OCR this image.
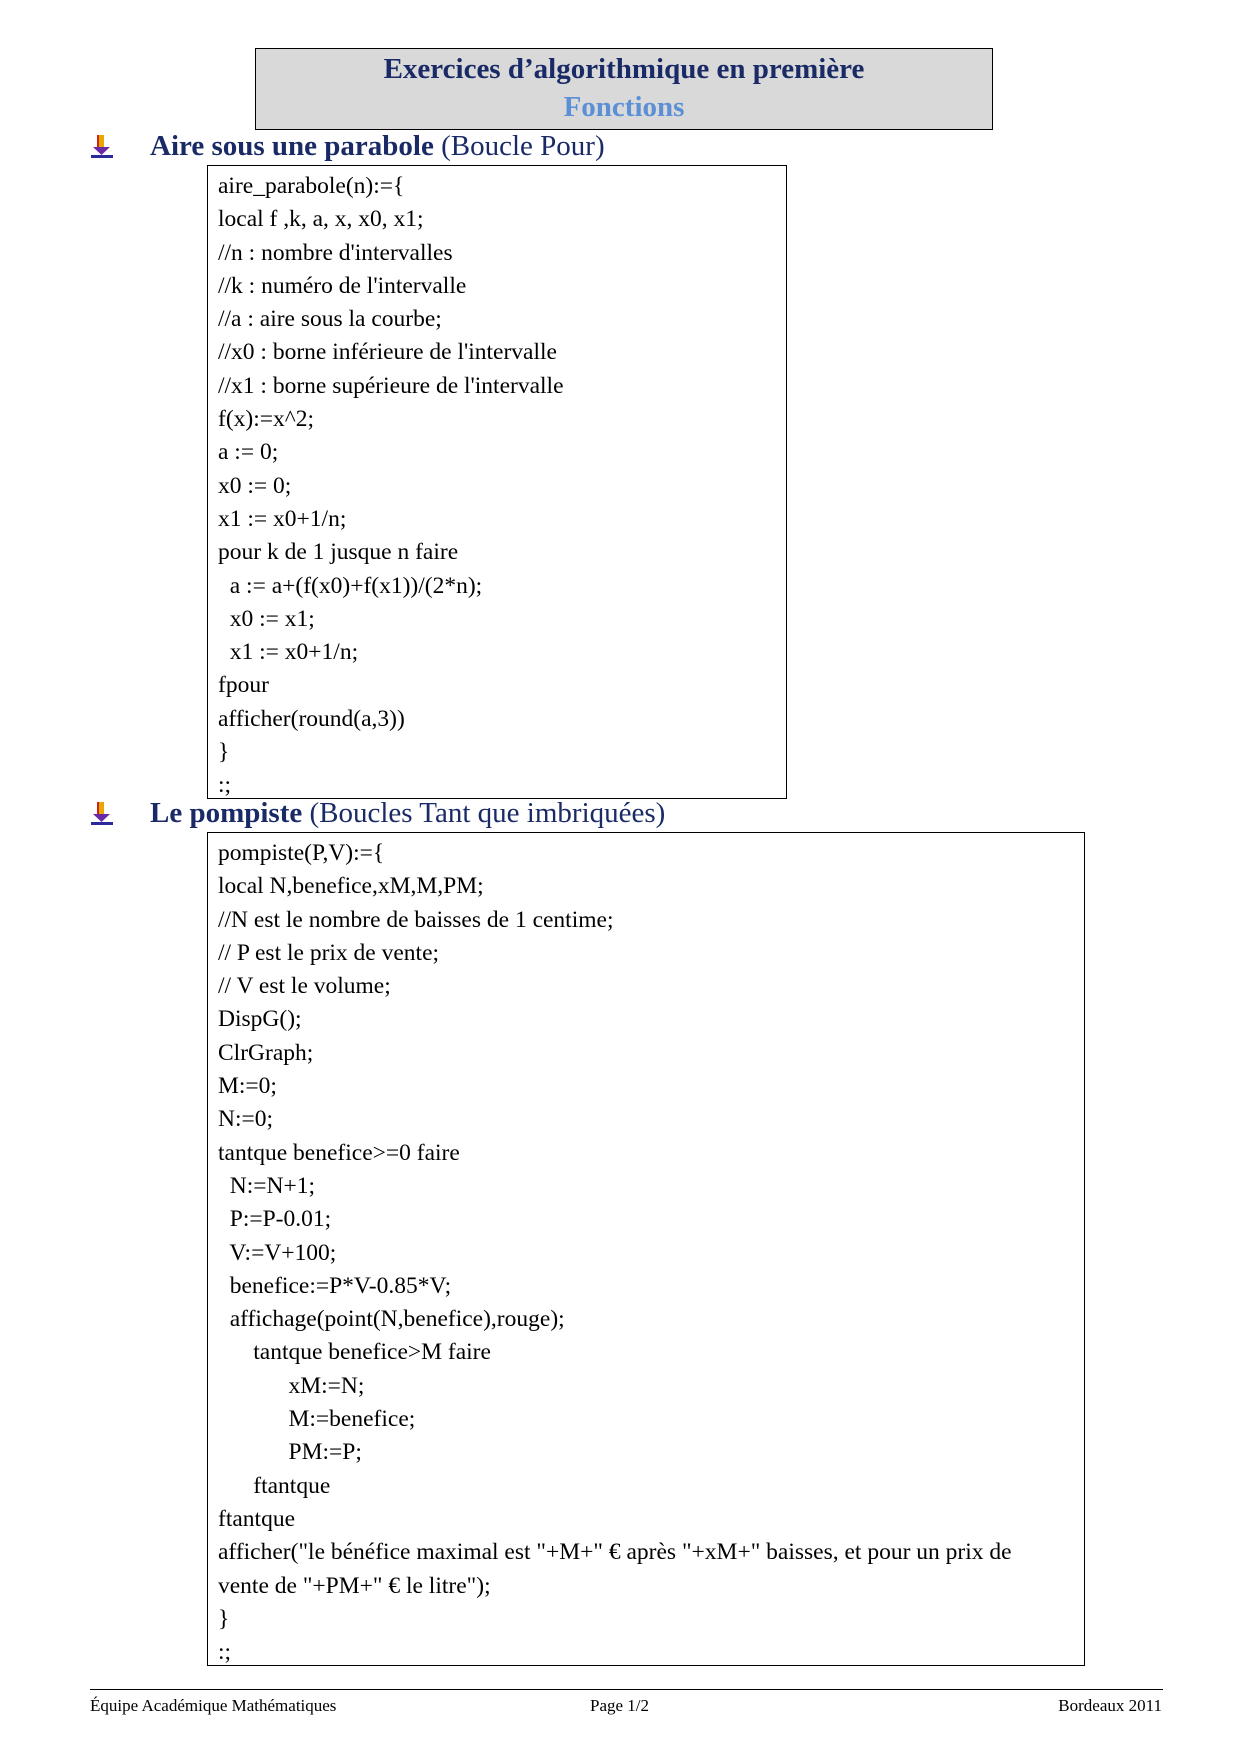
Exercices d’algorithmique en première
Fonctions
Aire sous une parabole (Boucle Pour)
aire_parabole(n):={
local f ,k, a, x, x0, x1;
//n : nombre d'intervalles
//k : numéro de l'intervalle
//a : aire sous la courbe;
//x0 : borne inférieure de l'intervalle
//x1 : borne supérieure de l'intervalle
f(x):=x^2;
a := 0;
x0 := 0;
x1 := x0+1/n;
pour k de 1 jusque n faire
a := a+(f(x0)+f(x1))/(2*n);
x0 := x1;
x1 := x0+1/n;
fpour
afficher(round(a,3))
}
:;
Le pompiste (Boucles Tant que imbriquées)
pompiste(P,V):={
local N,benefice,xM,M,PM;
//N est le nombre de baisses de 1 centime;
// P est le prix de vente;
// V est le volume;
DispG();
ClrGraph;
M:=0;
N:=0;
tantque benefice>=0 faire
N:=N+1;
P:=P-0.01;
V:=V+100;
benefice:=P*V-0.85*V;
affichage(point(N,benefice),rouge);
tantque benefice>M faire
xM:=N;
M:=benefice;
PM:=P;
ftantque
ftantque
afficher("le bénéfice maximal est "+M+" € après "+xM+" baisses, et pour un prix de
vente de "+PM+" € le litre");
}
:;
Équipe Académique Mathématiques	Page 1/2	Bordeaux 2011
